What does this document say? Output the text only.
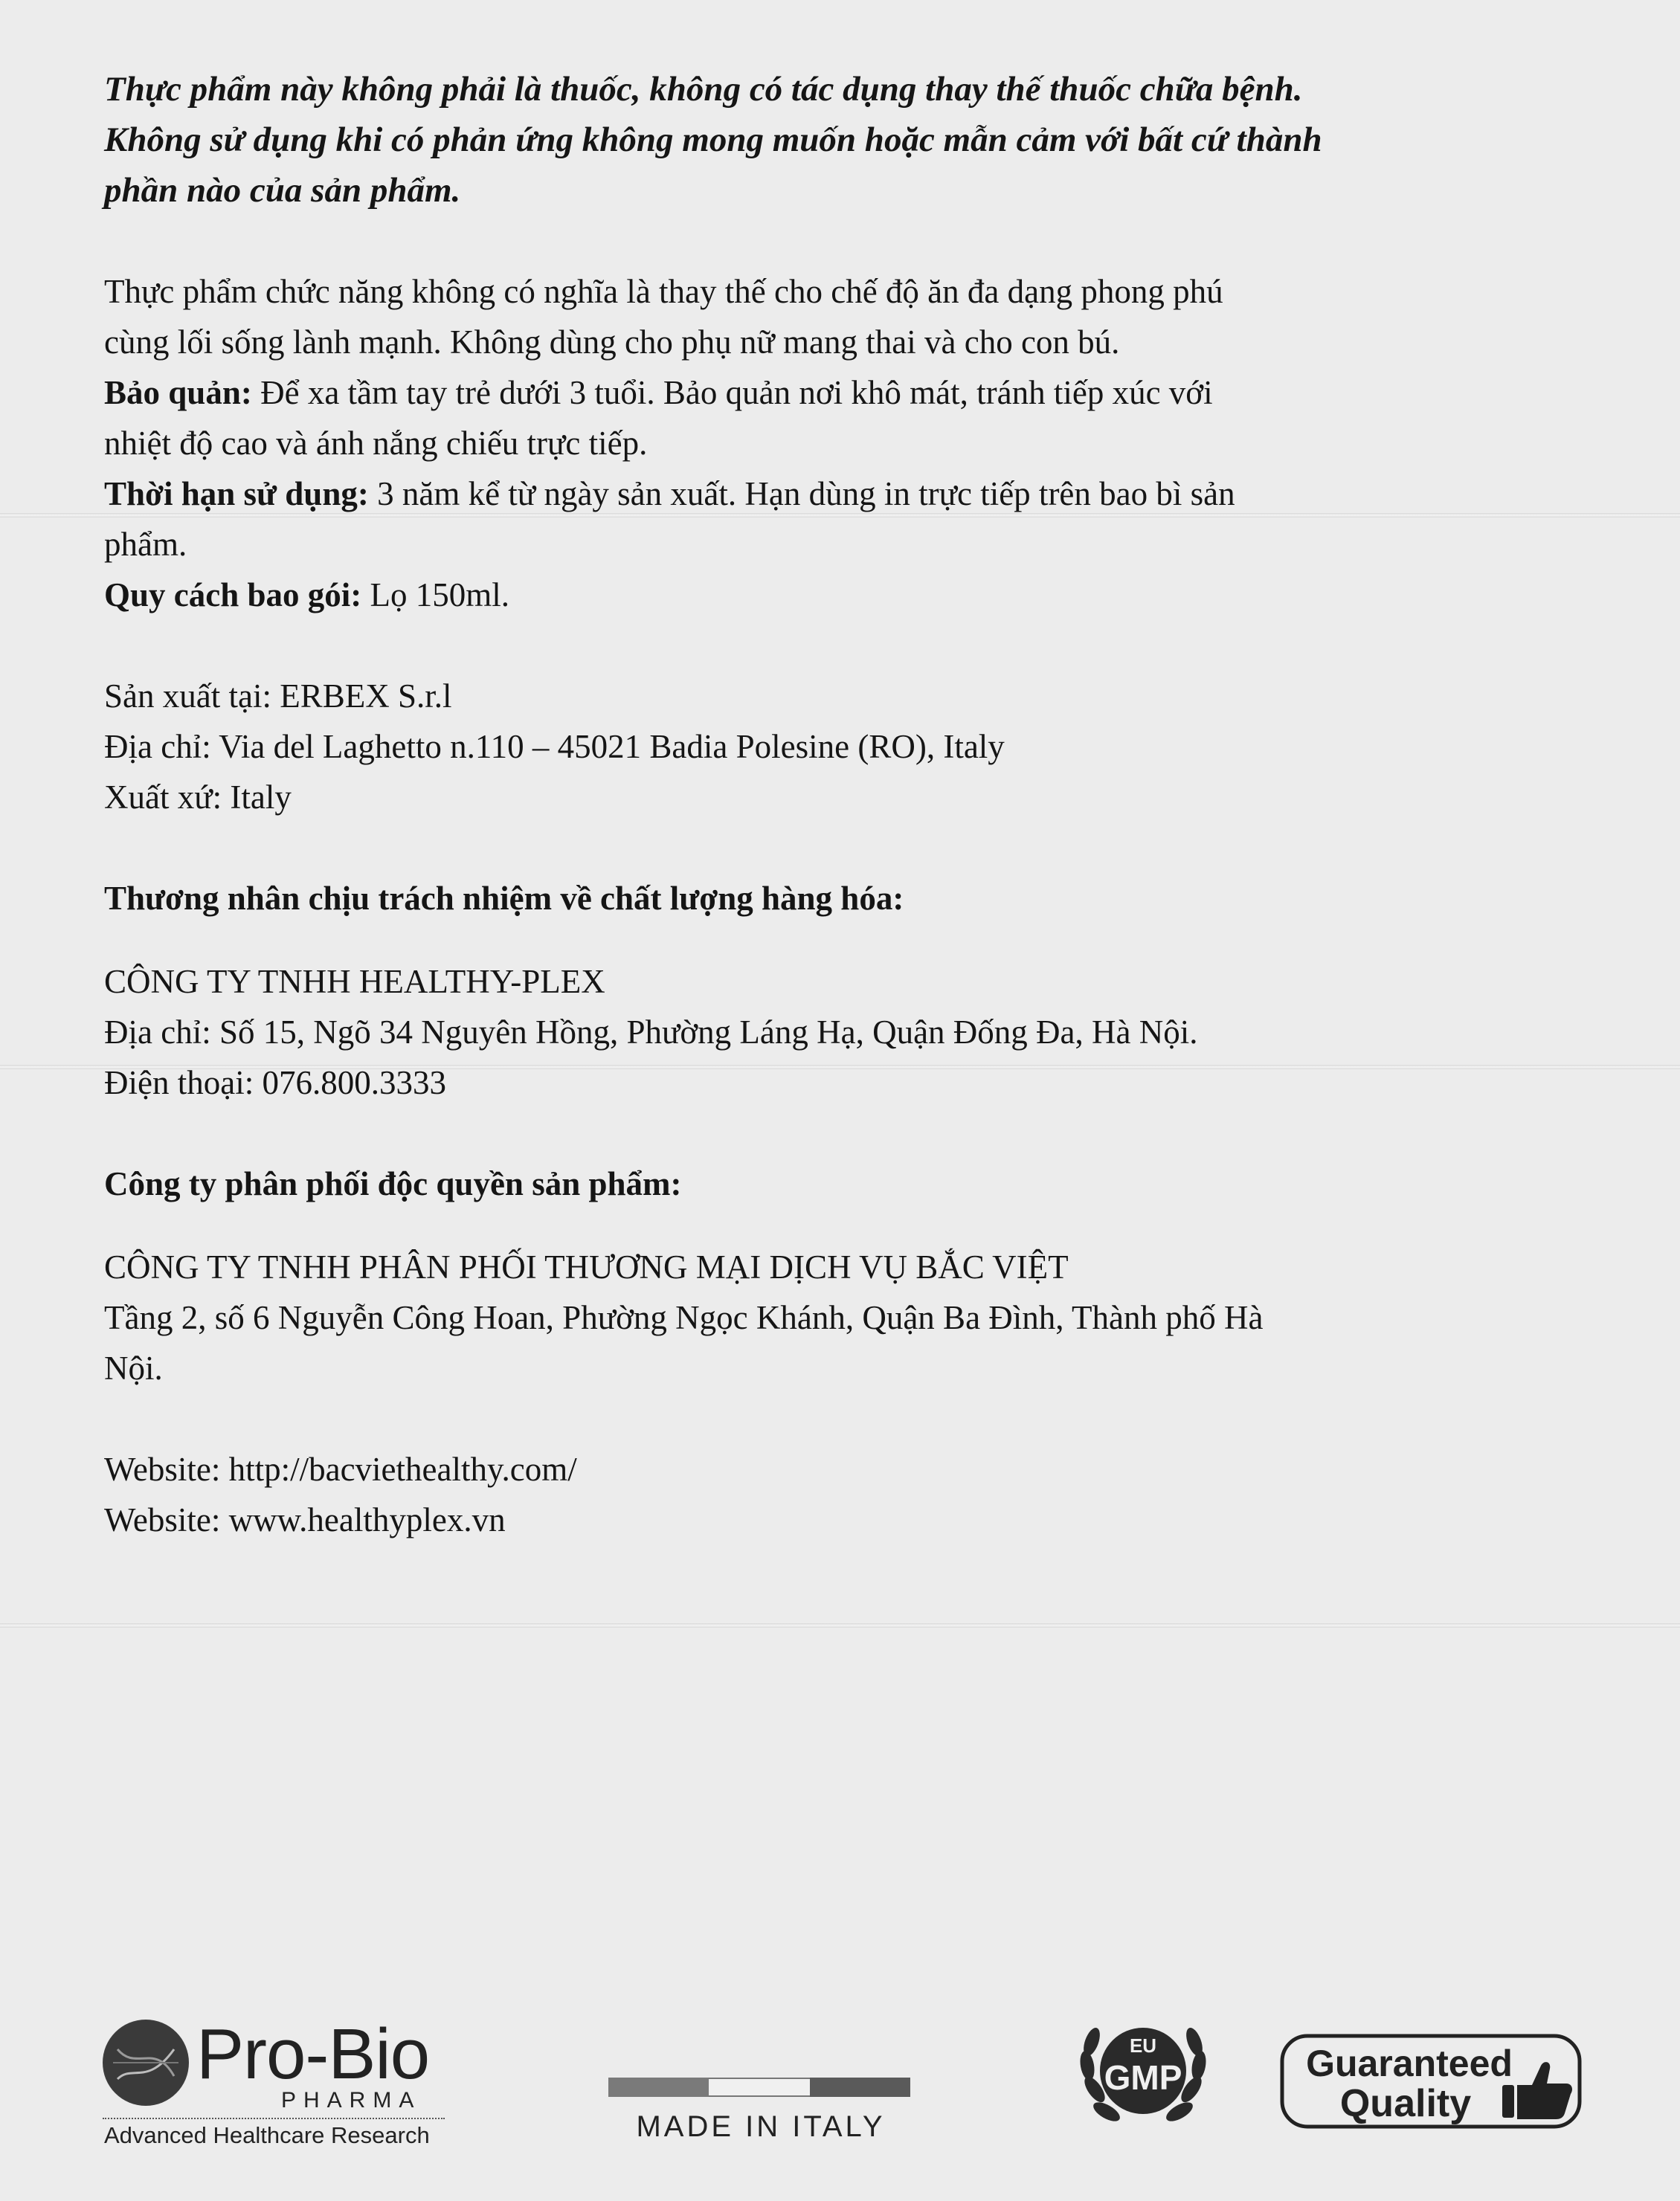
Thực phẩm này không phải là thuốc, không có tác dụng thay thế thuốc chữa bệnh.
Không sử dụng khi có phản ứng không mong muốn hoặc mẫn cảm với bất cứ thành
phần nào của sản phẩm.
Thực phẩm chức năng không có nghĩa là thay thế cho chế độ ăn đa dạng phong phú
cùng lối sống lành mạnh. Không dùng cho phụ nữ mang thai và cho con bú.
Bảo quản: Để xa tầm tay trẻ dưới 3 tuổi. Bảo quản nơi khô mát, tránh tiếp xúc với
nhiệt độ cao và ánh nắng chiếu trực tiếp.
Thời hạn sử dụng: 3 năm kể từ ngày sản xuất. Hạn dùng in trực tiếp trên bao bì sản
phẩm.
Quy cách bao gói: Lọ 150ml.
Sản xuất tại: ERBEX S.r.l
Địa chỉ: Via del Laghetto n.110 – 45021 Badia Polesine (RO), Italy
Xuất xứ: Italy
Thương nhân chịu trách nhiệm về chất lượng hàng hóa:
CÔNG TY TNHH HEALTHY-PLEX
Địa chỉ: Số 15, Ngõ 34 Nguyên Hồng, Phường Láng Hạ, Quận Đống Đa, Hà Nội.
Điện thoại: 076.800.3333
Công ty phân phối độc quyền sản phẩm:
CÔNG TY TNHH PHÂN PHỐI THƯƠNG MẠI DỊCH VỤ BẮC VIỆT
Tầng 2, số 6 Nguyễn Công Hoan, Phường Ngọc Khánh, Quận Ba Đình, Thành phố Hà
Nội.
Website: http://bacviethealthy.com/
Website: www.healthyplex.vn
Pro-Bio
PHARMA
Advanced Healthcare Research	MADE IN ITALY
EU
GMP	Guaranteed
Quality
